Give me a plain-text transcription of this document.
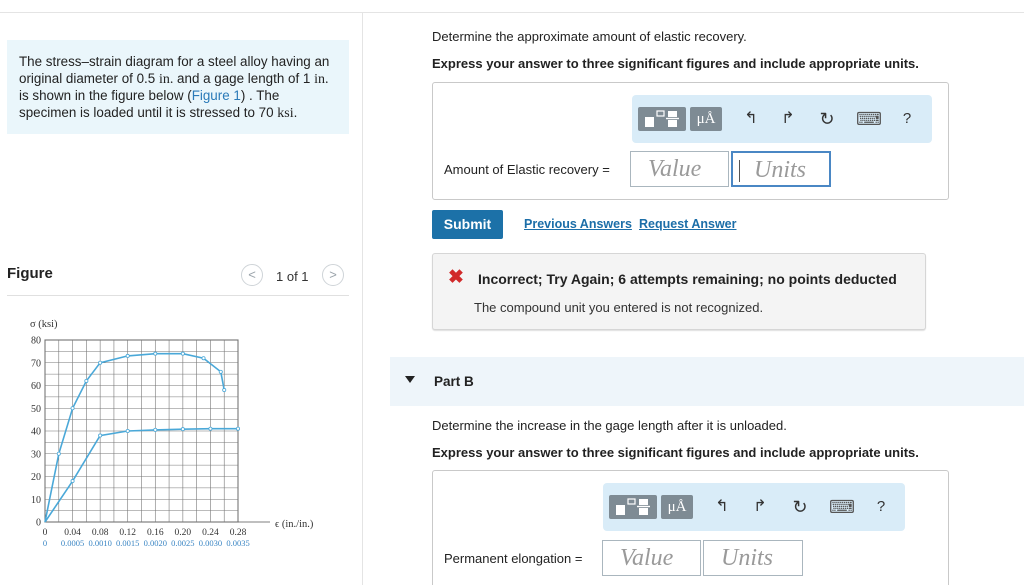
The stress–strain diagram for a steel alloy having an
original diameter of 0.5 in. and a gage length of 1 in.
is shown in the figure below (Figure 1) . The
specimen is loaded until it is stressed to 70 ksi.
Figure	<	1 of 1	>
0
10
20
30
40
50
60
70
80
0 0.04 0.08 0.12 0.16 0.20 0.24 0.28
0 0.0005 0.0010 0.0015 0.0020 0.0025 0.0030 0.0035
σ (ksi)
ϵ (in./in.)
Determine the approximate amount of elastic recovery.
Express your answer to three significant figures and include appropriate units.
μÅ	↰ ↱ ↻ ⌨	?
Amount of Elastic recovery =	Value	Units
Submit	Previous Answers Request Answer
✖ Incorrect; Try Again; 6 attempts remaining; no points deducted
The compound unit you entered is not recognized.
Part B
Determine the increase in the gage length after it is unloaded.
Express your answer to three significant figures and include appropriate units.
μÅ	↰ ↱ ↻ ⌨	?
Permanent elongation =	Value	Units
